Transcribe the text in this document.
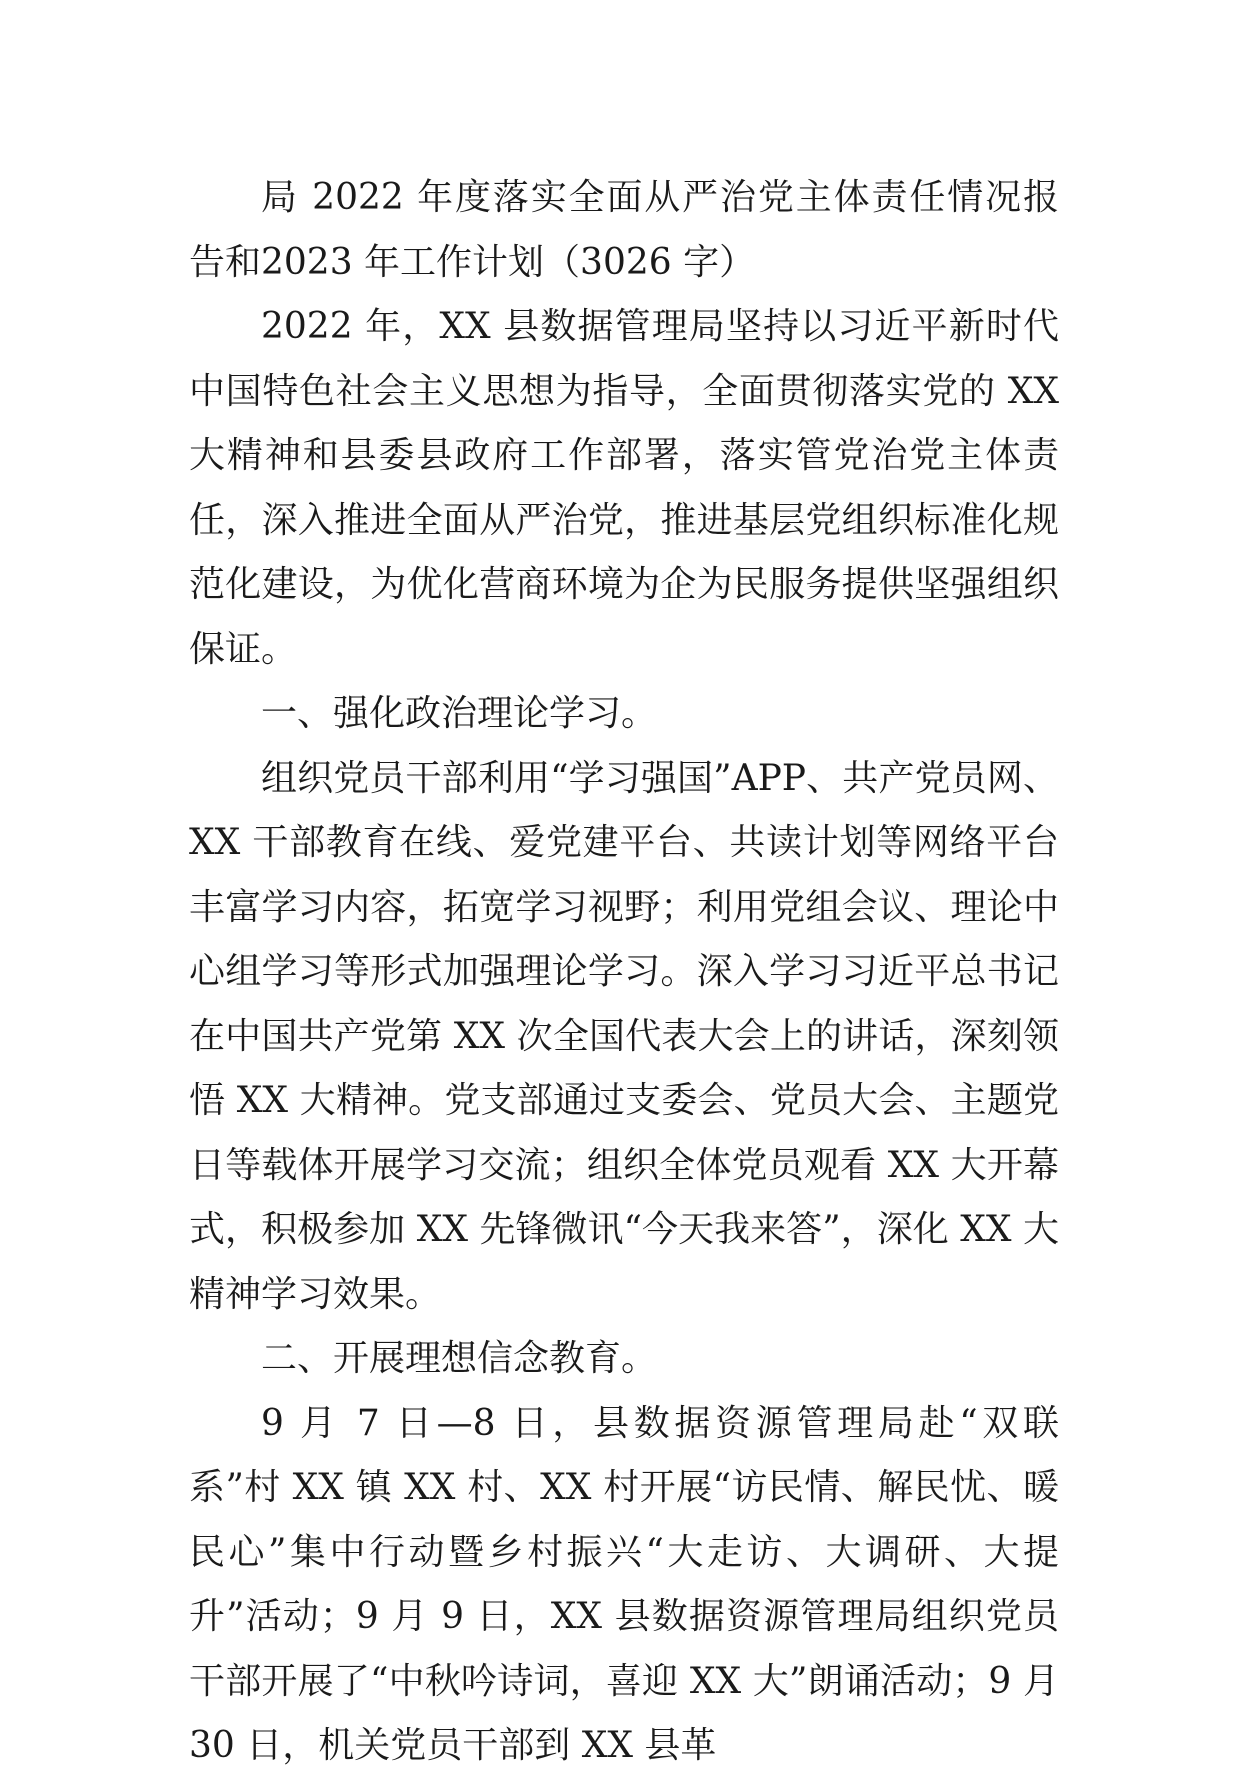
局 2022 年度落实全面从严治党主体责任情况报告和2023 年工作计划（3026 字）

2022 年，XX 县数据管理局坚持以习近平新时代中国特色社会主义思想为指导，全面贯彻落实党的 XX 大精神和县委县政府工作部署，落实管党治党主体责任，深入推进全面从严治党，推进基层党组织标准化规范化建设，为优化营商环境为企为民服务提供坚强组织保证。

一、强化政治理论学习。

组织党员干部利用“学习强国”APP、共产党员网、XX 干部教育在线、爱党建平台、共读计划等网络平台丰富学习内容，拓宽学习视野；利用党组会议、理论中心组学习等形式加强理论学习。深入学习习近平总书记在中国共产党第 XX 次全国代表大会上的讲话，深刻领悟 XX 大精神。党支部通过支委会、党员大会、主题党日等载体开展学习交流；组织全体党员观看 XX 大开幕式，积极参加 XX 先锋微讯“今天我来答”，深化 XX 大精神学习效果。

二、开展理想信念教育。

9 月 7 日—8 日，县数据资源管理局赴“双联系”村 XX 镇 XX 村、XX 村开展“访民情、解民忧、暖民心”集中行动暨乡村振兴“大走访、大调研、大提升”活动；9 月 9 日，XX 县数据资源管理局组织党员干部开展了“中秋吟诗词，喜迎 XX 大”朗诵活动；9 月 30 日，机关党员干部到 XX 县革
